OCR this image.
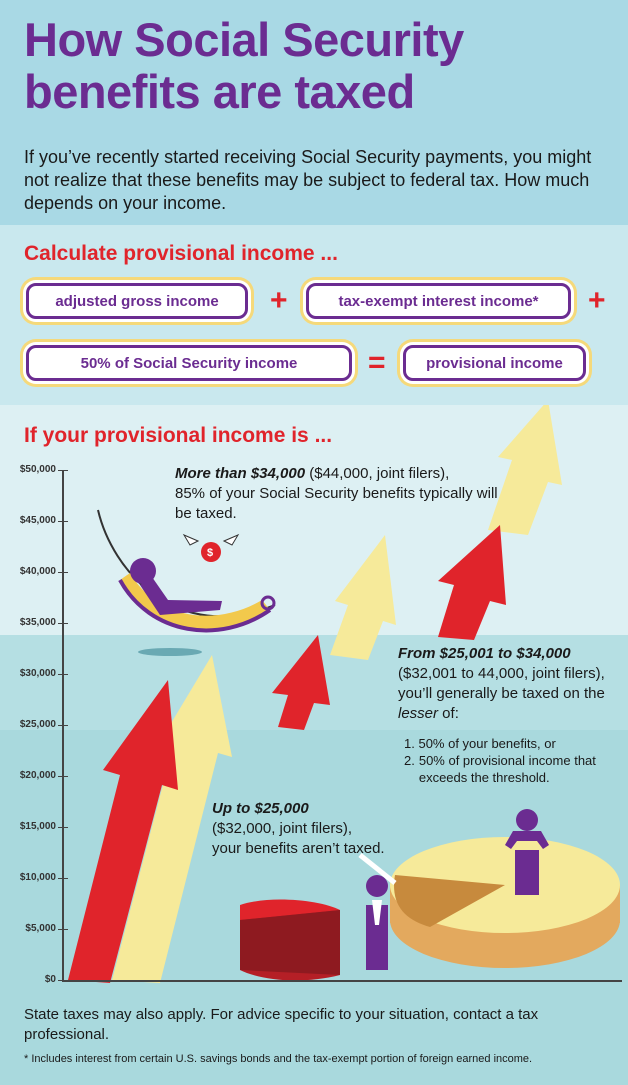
How Social Security
benefits are taxed

If you’ve recently started receiving Social Security payments, you might not realize that these benefits may be subject to federal tax. How much depends on your income.

Calculate provisional income ...

adjusted gross income	+	tax-exempt interest income*	+
50% of Social Security income	=	provisional income

If your provisional income is ...

$
$50,000
$45,000
$40,000
$35,000
$30,000
$25,000
$20,000
$15,000
$10,000
$5,000
$0
More than $34,000 ($44,000, joint filers),
85% of your Social Security benefits typically will be taxed.
From $25,001 to $34,000 ($32,001 to 44,000, joint filers), you’ll generally be taxed on the lesser of:
1. 50% of your benefits, or
2. 50% of provisional income that exceeds the threshold.
Up to $25,000
($32,000, joint filers),
your benefits aren’t taxed.

State taxes may also apply. For advice specific to your situation, contact a tax professional.

* Includes interest from certain U.S. savings bonds and the tax-exempt portion of foreign earned income.
